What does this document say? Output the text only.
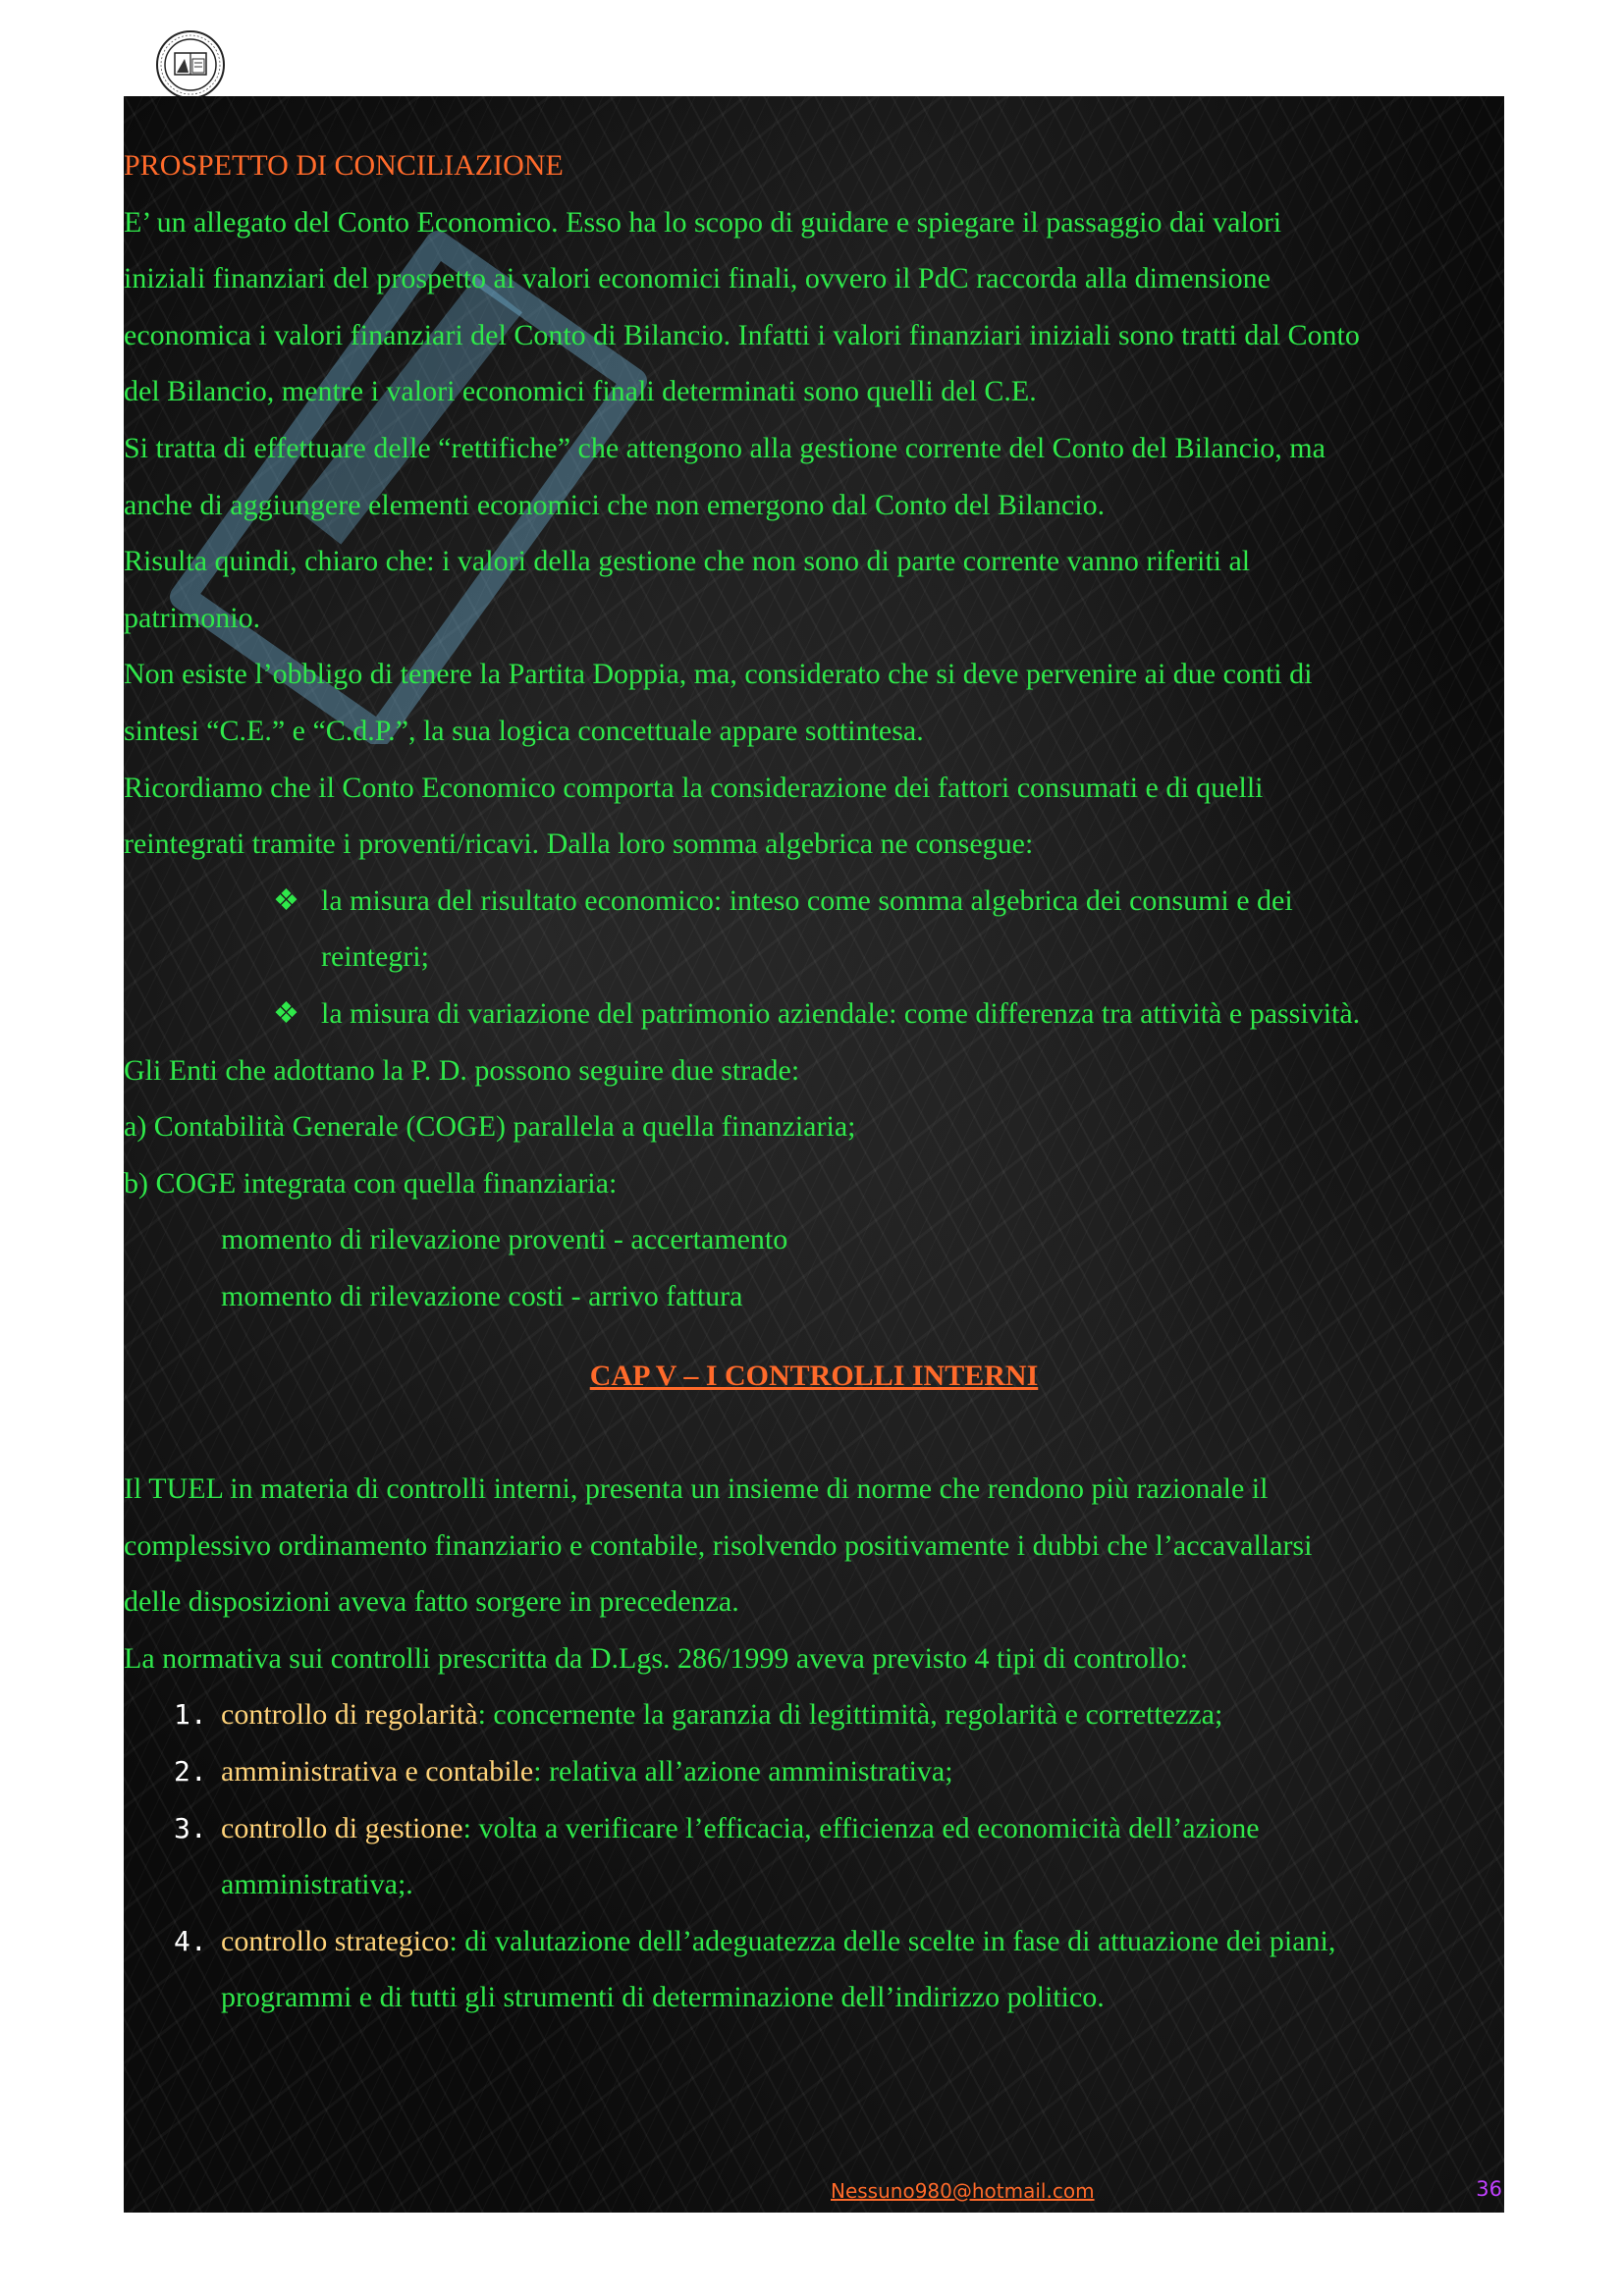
PROSPETTO DI CONCILIAZIONE

E’ un allegato del Conto Economico. Esso ha lo scopo di guidare e spiegare il passaggio dai valori

iniziali finanziari del prospetto ai valori economici finali, ovvero il PdC raccorda alla dimensione

economica i valori finanziari del Conto di Bilancio. Infatti i valori finanziari iniziali sono tratti dal Conto

del Bilancio, mentre i valori economici finali determinati sono quelli del C.E.

Si tratta di effettuare delle “rettifiche” che attengono alla gestione corrente del Conto del Bilancio, ma

anche di aggiungere elementi economici che non emergono dal Conto del Bilancio.

Risulta quindi, chiaro che: i valori della gestione che non sono di parte corrente vanno riferiti al

patrimonio.

Non esiste l’obbligo di tenere la Partita Doppia, ma, considerato che si deve pervenire ai due conti di

sintesi “C.E.” e “C.d.P.”, la sua logica concettuale appare sottintesa.

Ricordiamo che il Conto Economico comporta la considerazione dei fattori consumati e di quelli

reintegrati tramite i proventi/ricavi. Dalla loro somma algebrica ne consegue:

❖ la misura del risultato economico: inteso come somma algebrica dei consumi e dei

reintegri;

❖ la misura di variazione del patrimonio aziendale: come differenza tra attività e passività.

Gli Enti che adottano la P. D. possono seguire due strade:

a) Contabilità Generale (COGE) parallela a quella finanziaria;

b) COGE integrata con quella finanziaria:

momento di rilevazione proventi - accertamento

momento di rilevazione costi - arrivo fattura

CAP V – I CONTROLLI INTERNI

Il TUEL in materia di controlli interni, presenta un insieme di norme che rendono più razionale il

complessivo ordinamento finanziario e contabile, risolvendo positivamente i dubbi che l’accavallarsi

delle disposizioni aveva fatto sorgere in precedenza.

La normativa sui controlli prescritta da D.Lgs. 286/1999 aveva previsto 4 tipi di controllo:

1. controllo di regolarità: concernente la garanzia di legittimità, regolarità e correttezza;

2. amministrativa e contabile: relativa all’azione amministrativa;

3. controllo di gestione: volta a verificare l’efficacia, efficienza ed economicità dell’azione

amministrativa;.

4. controllo strategico: di valutazione dell’adeguatezza delle scelte in fase di attuazione dei piani,

programmi e di tutti gli strumenti di determinazione dell’indirizzo politico.

Nessuno980@hotmail.com	36
